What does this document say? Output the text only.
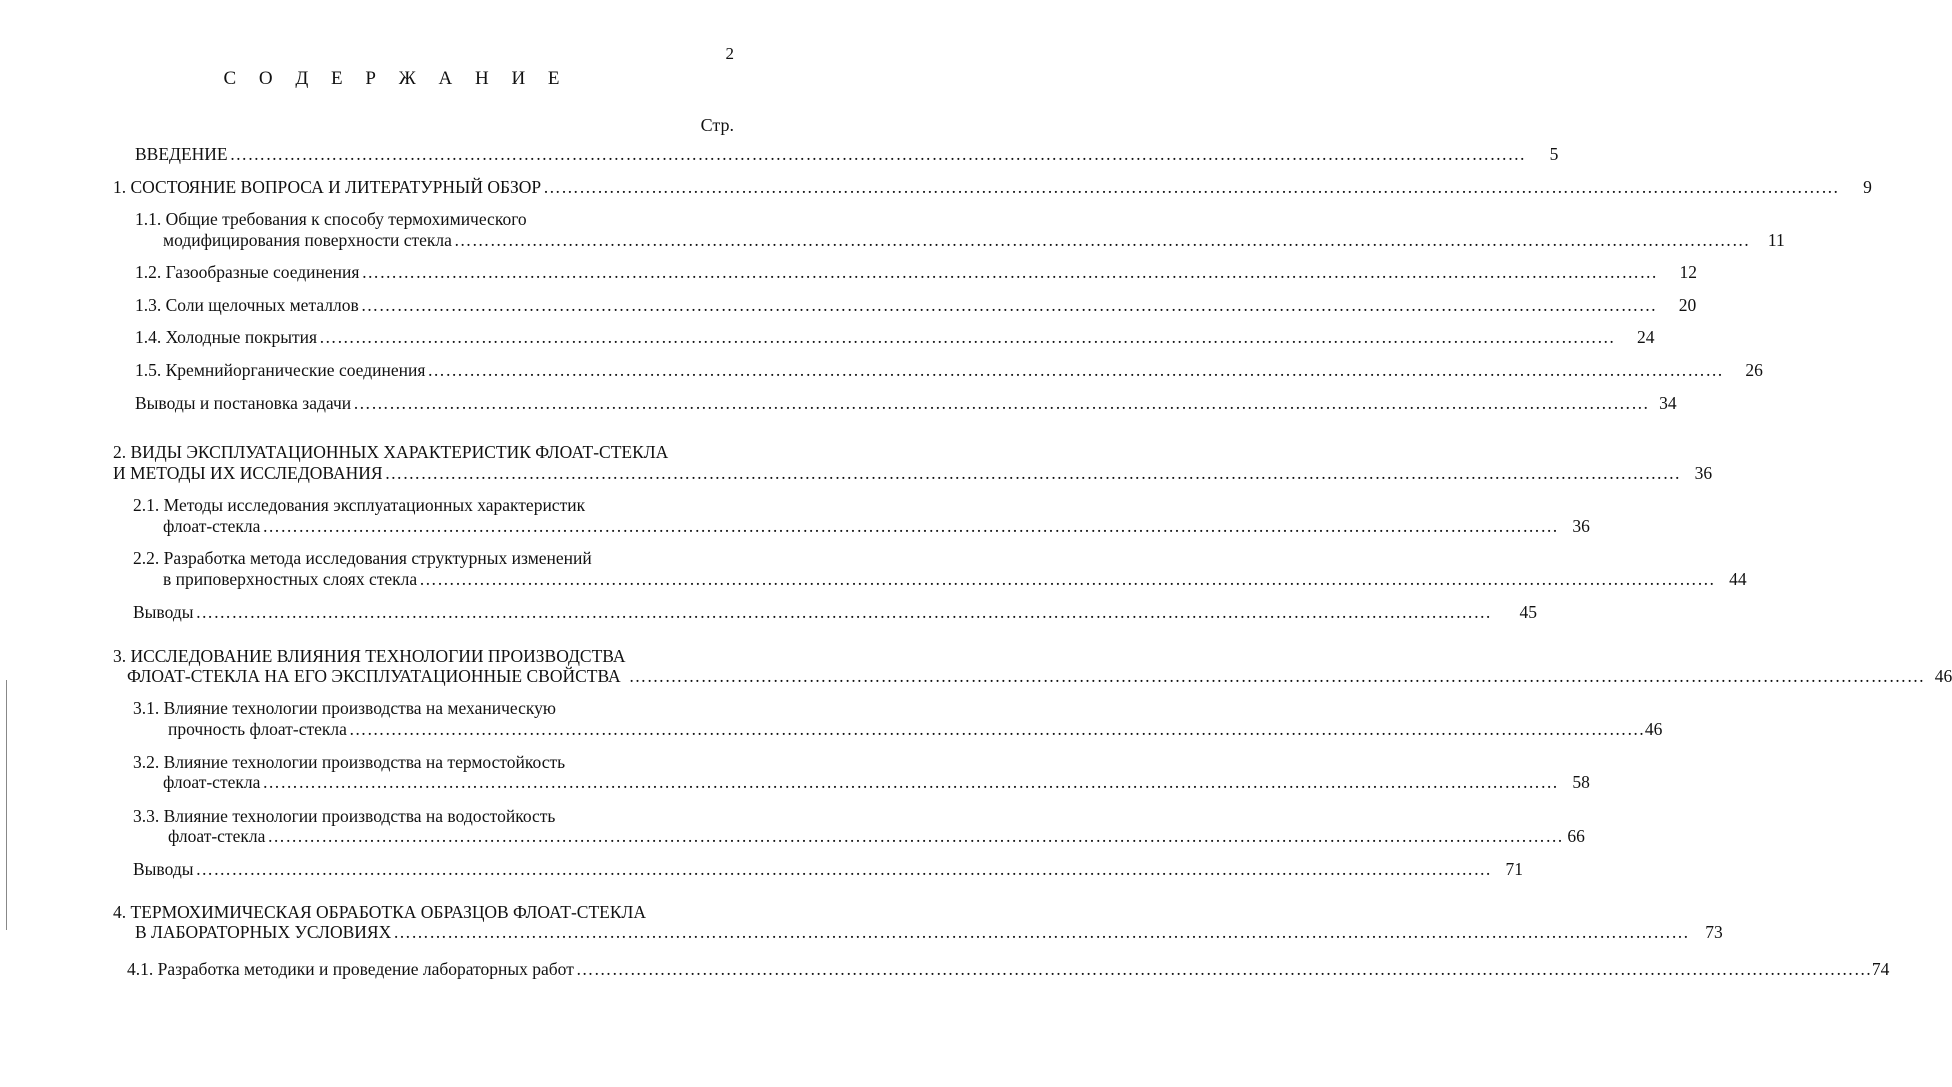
2
С О Д Е Р Ж А Н И Е
Стр.
ВВЕДЕНИЕ ……………………………………………………………………………………………………………………………………………………………………………………………… 5
1. СОСТОЯНИЕ ВОПРОСА И ЛИТЕРАТУРНЫЙ ОБЗОР ……………………………………………………………………………………………………………………………………………………………………………………………… 9
1.1. Общие требования к способу термохимического
модифицирования поверхности стекла ……………………………………………………………………………………………………………………………………………………………………………………………… 11
1.2. Газообразные соединения ……………………………………………………………………………………………………………………………………………………………………………………………… 12
1.3. Соли щелочных металлов ……………………………………………………………………………………………………………………………………………………………………………………………… 20
1.4. Холодные покрытия ……………………………………………………………………………………………………………………………………………………………………………………………… 24
1.5. Кремнийорганические соединения ……………………………………………………………………………………………………………………………………………………………………………………………… 26
Выводы и постановка задачи ……………………………………………………………………………………………………………………………………………………………………………………………… 34
2. ВИДЫ ЭКСПЛУАТАЦИОННЫХ ХАРАКТЕРИСТИК ФЛОАТ-СТЕКЛА
И МЕТОДЫ ИХ ИССЛЕДОВАНИЯ ……………………………………………………………………………………………………………………………………………………………………………………………… 36
2.1. Методы исследования эксплуатационных характеристик
флоат-стекла ……………………………………………………………………………………………………………………………………………………………………………………………… 36
2.2. Разработка метода исследования структурных изменений
в приповерхностных слоях стекла ……………………………………………………………………………………………………………………………………………………………………………………………… 44
Выводы ……………………………………………………………………………………………………………………………………………………………………………………………… 45
3. ИССЛЕДОВАНИЕ ВЛИЯНИЯ ТЕХНОЛОГИИ ПРОИЗВОДСТВА
ФЛОАТ-СТЕКЛА НА ЕГО ЭКСПЛУАТАЦИОННЫЕ СВОЙСТВА ……………………………………………………………………………………………………………………………………………………………………………………………… 46
3.1. Влияние технологии производства на механическую
прочность флоат-стекла ……………………………………………………………………………………………………………………………………………………………………………………………… 46
3.2. Влияние технологии производства на термостойкость
флоат-стекла ……………………………………………………………………………………………………………………………………………………………………………………………… 58
3.3. Влияние технологии производства на водостойкость
флоат-стекла ……………………………………………………………………………………………………………………………………………………………………………………………… 66
Выводы ……………………………………………………………………………………………………………………………………………………………………………………………… 71
4. ТЕРМОХИМИЧЕСКАЯ ОБРАБОТКА ОБРАЗЦОВ ФЛОАТ-СТЕКЛА
В ЛАБОРАТОРНЫХ УСЛОВИЯХ ……………………………………………………………………………………………………………………………………………………………………………………………… 73
4.1. Разработка методики и проведение лабораторных работ ……………………………………………………………………………………………………………………………………………………………………………………………… 74
